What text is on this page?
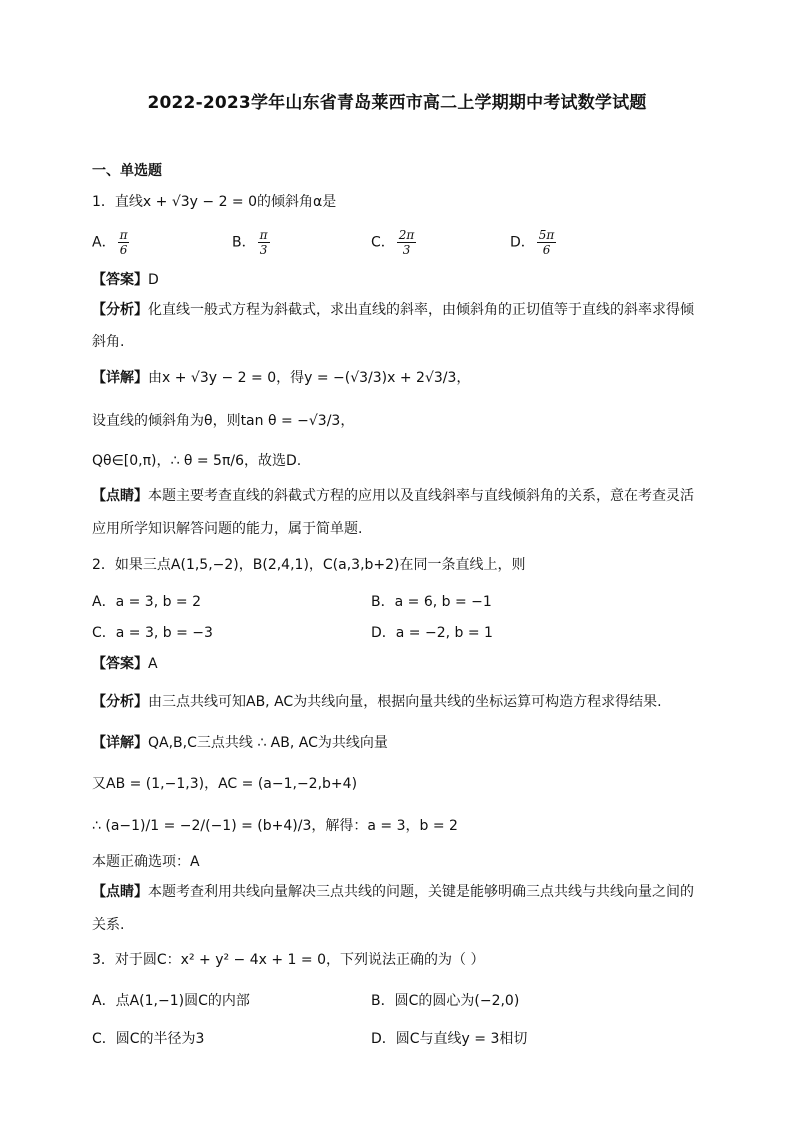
2022-2023学年山东省青岛莱西市高二上学期期中考试数学试题
一、单选题
1．直线x + √3y − 2 = 0的倾斜角α是
A． $\frac{\pi}{6}$	B． $\frac{\pi}{3}$	C． $\frac{2\pi}{3}$	D． $\frac{5\pi}{6}$
【答案】D
【分析】化直线一般式方程为斜截式，求出直线的斜率，由倾斜角的正切值等于直线的斜率求得倾
斜角.
【详解】由x + √3y − 2 = 0，得y = −(√3/3)x + 2√3/3，
设直线的倾斜角为θ，则tan θ = −√3/3，
Qθ∈[0,π)，∴ θ = 5π/6，故选D.
【点睛】本题主要考查直线的斜截式方程的应用以及直线斜率与直线倾斜角的关系，意在考查灵活
应用所学知识解答问题的能力，属于简单题.
2．如果三点A(1,5,−2)，B(2,4,1)，C(a,3,b+2)在同一条直线上，则
A．a = 3, b = 2	B．a = 6, b = −1
C．a = 3, b = −3	D．a = −2, b = 1
【答案】A
【分析】由三点共线可知AB, AC为共线向量，根据向量共线的坐标运算可构造方程求得结果.
【详解】QA,B,C三点共线 ∴ AB, AC为共线向量
又AB = (1,−1,3)，AC = (a−1,−2,b+4)
∴ (a−1)/1 = −2/(−1) = (b+4)/3，解得：a = 3，b = 2
本题正确选项：A
【点睛】本题考查利用共线向量解决三点共线的问题，关键是能够明确三点共线与共线向量之间的
关系.
3．对于圆C：x² + y² − 4x + 1 = 0，下列说法正确的为（ ）
A．点A(1,−1)圆C的内部	B．圆C的圆心为(−2,0)
C．圆C的半径为3	D．圆C与直线y = 3相切
